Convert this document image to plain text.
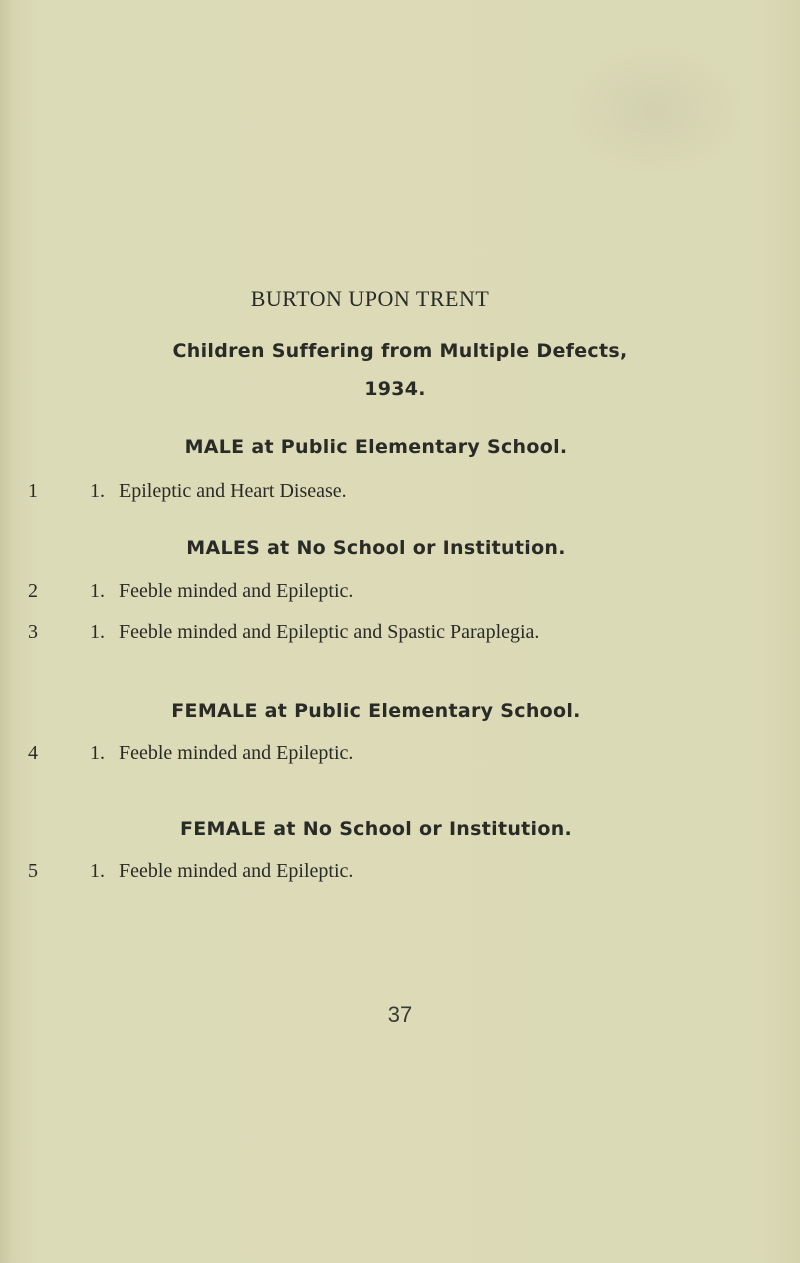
BURTON UPON TRENT
Children Suffering from Multiple Defects,
1934.
MALE at Public Elementary School.
1	1. Epileptic and Heart Disease.
MALES at No School or Institution.
2	1. Feeble minded and Epileptic.
3	1. Feeble minded and Epileptic and Spastic Paraplegia.
FEMALE at Public Elementary School.
4	1. Feeble minded and Epileptic.
FEMALE at No School or Institution.
5	1. Feeble minded and Epileptic.
37
